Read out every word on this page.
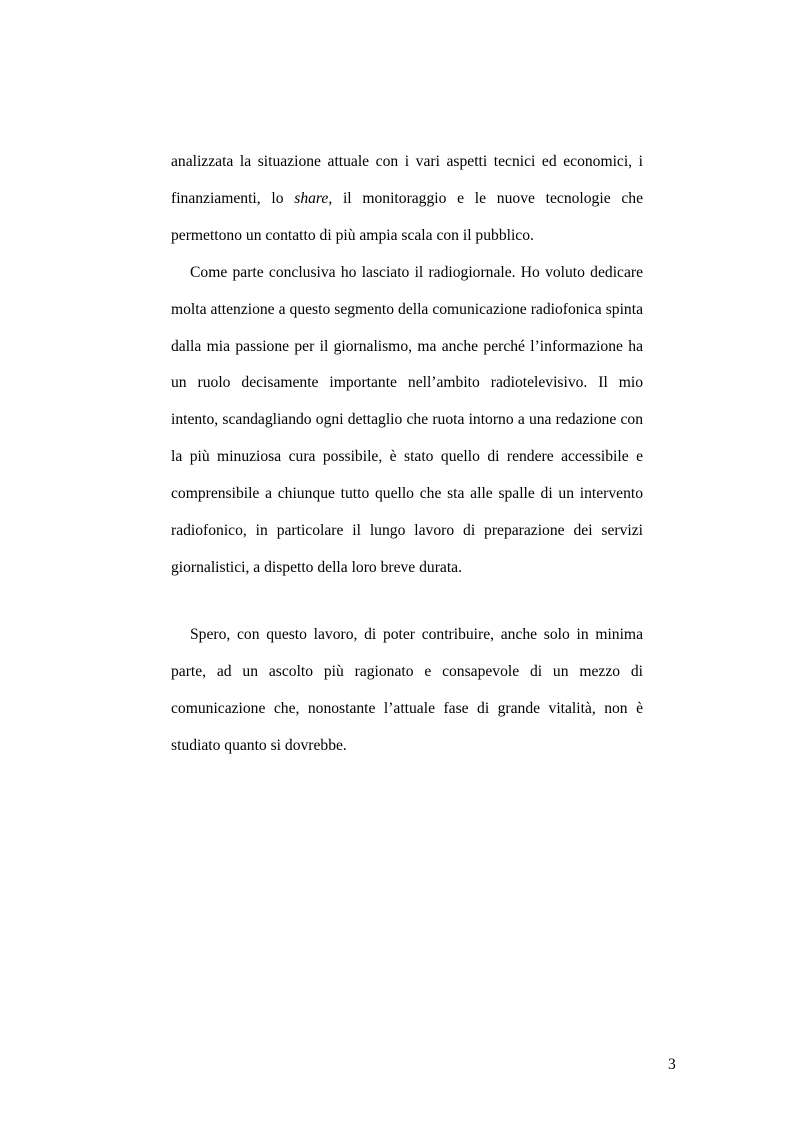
analizzata la situazione attuale con i vari aspetti tecnici ed economici, i finanziamenti, lo share, il monitoraggio e le nuove tecnologie che permettono un contatto di più ampia scala con il pubblico.

Come parte conclusiva ho lasciato il radiogiornale. Ho voluto dedicare molta attenzione a questo segmento della comunicazione radiofonica spinta dalla mia passione per il giornalismo, ma anche perché l’informazione ha un ruolo decisamente importante nell’ambito radiotelevisivo. Il mio intento, scandagliando ogni dettaglio che ruota intorno a una redazione con la più minuziosa cura possibile, è stato quello di rendere accessibile e comprensibile a chiunque tutto quello che sta alle spalle di un intervento radiofonico, in particolare il lungo lavoro di preparazione dei servizi giornalistici, a dispetto della loro breve durata.

Spero, con questo lavoro, di poter contribuire, anche solo in minima parte, ad un ascolto più ragionato e consapevole di un mezzo di comunicazione che, nonostante l’attuale fase di grande vitalità, non è studiato quanto si dovrebbe.

3
